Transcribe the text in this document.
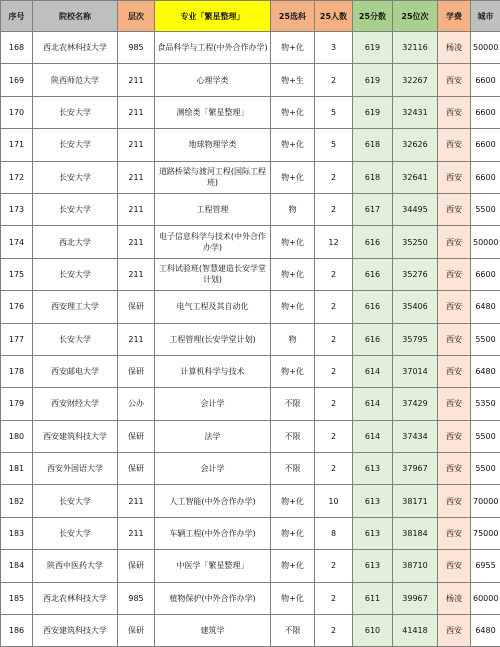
序号	院校名称	层次	专业「繁星整理」	25选科	25人数	25分数	25位次	学费	城市
168	西北农林科技大学	985	食品科学与工程(中外合作办学)	物+化	3	619	32116	杨凌	50000
169	陕西师范大学	211	心理学类	物+生	2	619	32267	西安	6600
170	长安大学	211	测绘类「繁星整理」	物+化	5	619	32431	西安	6600
171	长安大学	211	地球物理学类	物+化	5	618	32626	西安	6600
172	长安大学	211	道路桥梁与渡河工程(国际工程班)	物+化	2	618	32641	西安	6600
173	长安大学	211	工程管理	物	2	617	34495	西安	5500
174	西北大学	211	电子信息科学与技术(中外合作办学)	物+化	12	616	35250	西安	50000
175	长安大学	211	工科试验班(智慧建造长安学堂计划)	物+化	2	616	35276	西安	6600
176	西安理工大学	保研	电气工程及其自动化	物+化	2	616	35406	西安	6480
177	长安大学	211	工程管理(长安学堂计划)	物	2	616	35795	西安	5500
178	西安邮电大学	保研	计算机科学与技术	物+化	2	614	37014	西安	6480
179	西安财经大学	公办	会计学	不限	2	614	37429	西安	5350
180	西安建筑科技大学	保研	法学	不限	2	614	37434	西安	5500
181	西安外国语大学	保研	会计学	不限	2	613	37967	西安	5500
182	长安大学	211	人工智能(中外合作办学)	物+化	10	613	38171	西安	70000
183	长安大学	211	车辆工程(中外合作办学)	物+化	8	613	38184	西安	75000
184	陕西中医药大学	保研	中医学「繁星整理」	物+化	2	613	38710	西安	6955
185	西北农林科技大学	985	植物保护(中外合作办学)	物+化	2	611	39967	杨凌	60000
186	西安建筑科技大学	保研	建筑学	不限	2	610	41418	西安	6480
